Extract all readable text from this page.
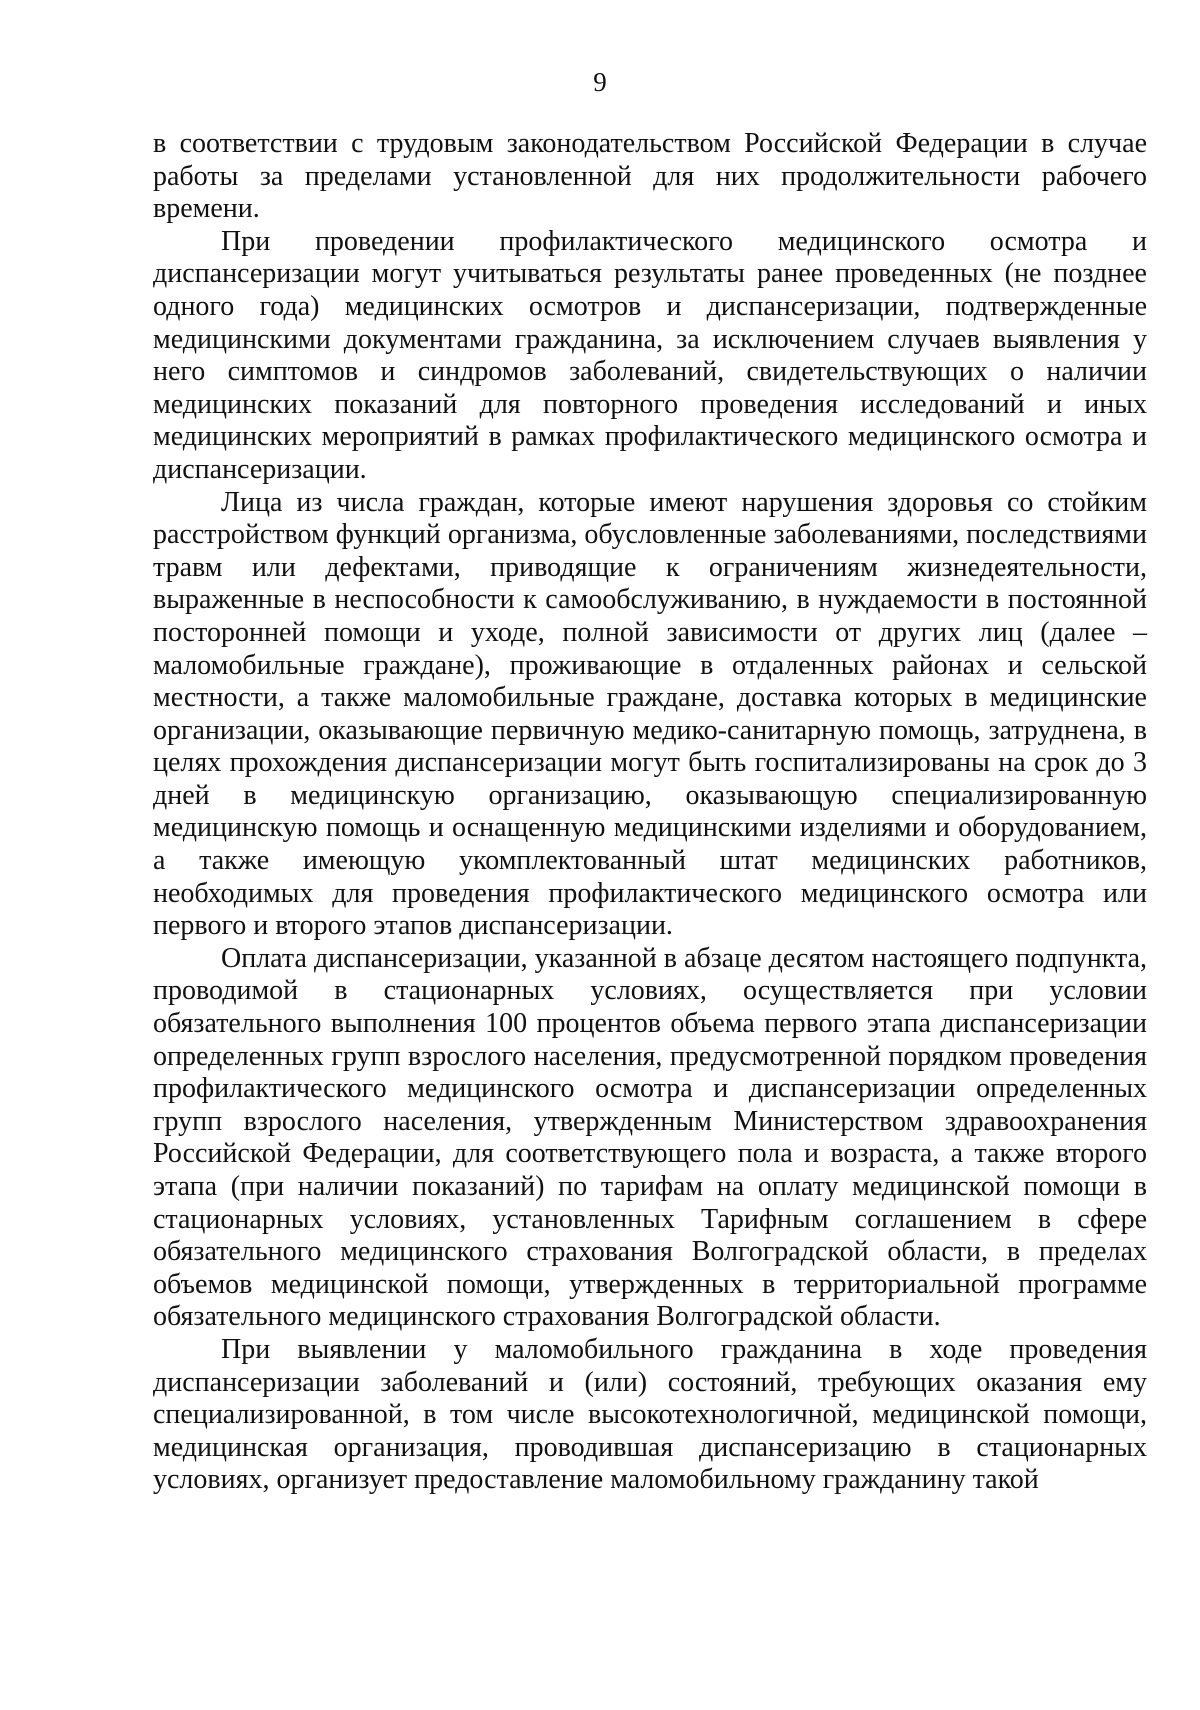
9

в соответствии с трудовым законодательством Российской Федерации в случае работы за пределами установленной для них продолжительности рабочего времени.

При проведении профилактического медицинского осмотра и диспансеризации могут учитываться результаты ранее проведенных (не позднее одного года) медицинских осмотров и диспансеризации, подтвержденные медицинскими документами гражданина, за исключением случаев выявления у него симптомов и синдромов заболеваний, свидетельствующих о наличии медицинских показаний для повторного проведения исследований и иных медицинских мероприятий в рамках профилактического медицинского осмотра и диспансеризации.

Лица из числа граждан, которые имеют нарушения здоровья со стойким расстройством функций организма, обусловленные заболеваниями, последствиями травм или дефектами, приводящие к ограничениям жизнедеятельности, выраженные в неспособности к самообслуживанию, в нуждаемости в постоянной посторонней помощи и уходе, полной зависимости от других лиц (далее – маломобильные граждане), проживающие в отдаленных районах и сельской местности, а также маломобильные граждане, доставка которых в медицинские организации, оказывающие первичную медико-санитарную помощь, затруднена, в целях прохождения диспансеризации могут быть госпитализированы на срок до 3 дней в медицинскую организацию, оказывающую специализированную медицинскую помощь и оснащенную медицинскими изделиями и оборудованием, а также имеющую укомплектованный штат медицинских работников, необходимых для проведения профилактического медицинского осмотра или первого и второго этапов диспансеризации.

Оплата диспансеризации, указанной в абзаце десятом настоящего подпункта, проводимой в стационарных условиях, осуществляется при условии обязательного выполнения 100 процентов объема первого этапа диспансеризации определенных групп взрослого населения, предусмотренной порядком проведения профилактического медицинского осмотра и диспансеризации определенных групп взрослого населения, утвержденным Министерством здравоохранения Российской Федерации, для соответствующего пола и возраста, а также второго этапа (при наличии показаний) по тарифам на оплату медицинской помощи в стационарных условиях, установленных Тарифным соглашением в сфере обязательного медицинского страхования Волгоградской области, в пределах объемов медицинской помощи, утвержденных в территориальной программе обязательного медицинского страхования Волгоградской области.

При выявлении у маломобильного гражданина в ходе проведения диспансеризации заболеваний и (или) состояний, требующих оказания ему специализированной, в том числе высокотехнологичной, медицинской помощи, медицинская организация, проводившая диспансеризацию в стационарных условиях, организует предоставление маломобильному гражданину такой
